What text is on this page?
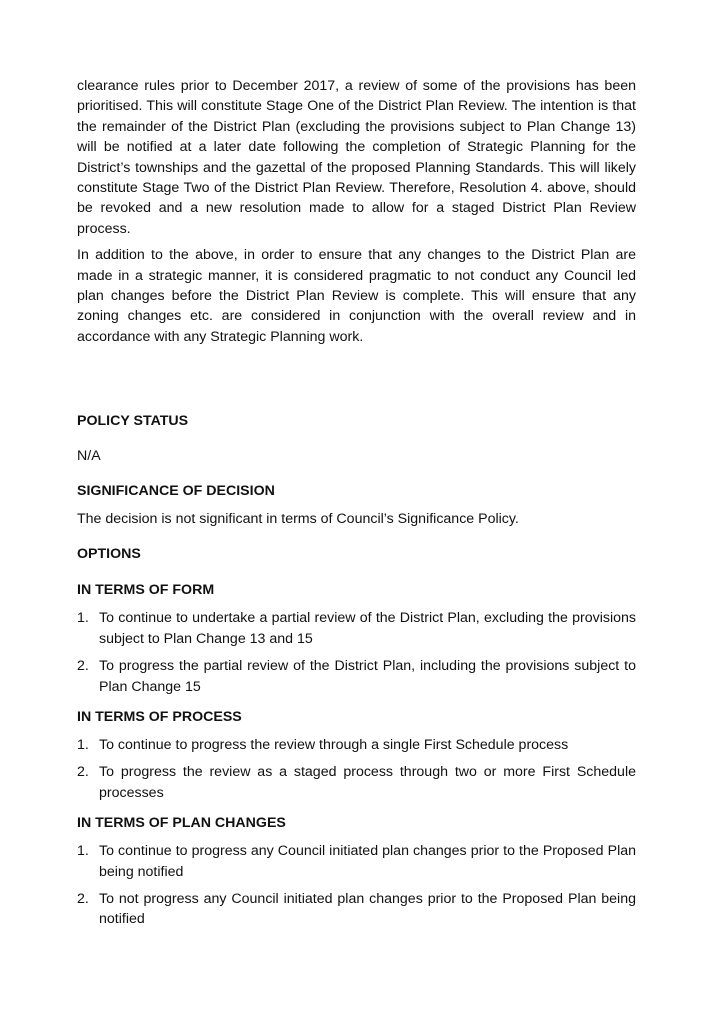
clearance rules prior to December 2017, a review of some of the provisions has been prioritised. This will constitute Stage One of the District Plan Review. The intention is that the remainder of the District Plan (excluding the provisions subject to Plan Change 13) will be notified at a later date following the completion of Strategic Planning for the District’s townships and the gazettal of the proposed Planning Standards. This will likely constitute Stage Two of the District Plan Review. Therefore, Resolution 4. above, should be revoked and a new resolution made to allow for a staged District Plan Review process.

In addition to the above, in order to ensure that any changes to the District Plan are made in a strategic manner, it is considered pragmatic to not conduct any Council led plan changes before the District Plan Review is complete. This will ensure that any zoning changes etc. are considered in conjunction with the overall review and in accordance with any Strategic Planning work.

POLICY STATUS

N/A

SIGNIFICANCE OF DECISION

The decision is not significant in terms of Council’s Significance Policy.

OPTIONS
IN TERMS OF FORM
1. To continue to undertake a partial review of the District Plan, excluding the provisions subject to Plan Change 13 and 15
2. To progress the partial review of the District Plan, including the provisions subject to Plan Change 15
IN TERMS OF PROCESS
1. To continue to progress the review through a single First Schedule process
2. To progress the review as a staged process through two or more First Schedule processes
IN TERMS OF PLAN CHANGES
1. To continue to progress any Council initiated plan changes prior to the Proposed Plan being notified
2. To not progress any Council initiated plan changes prior to the Proposed Plan being notified
